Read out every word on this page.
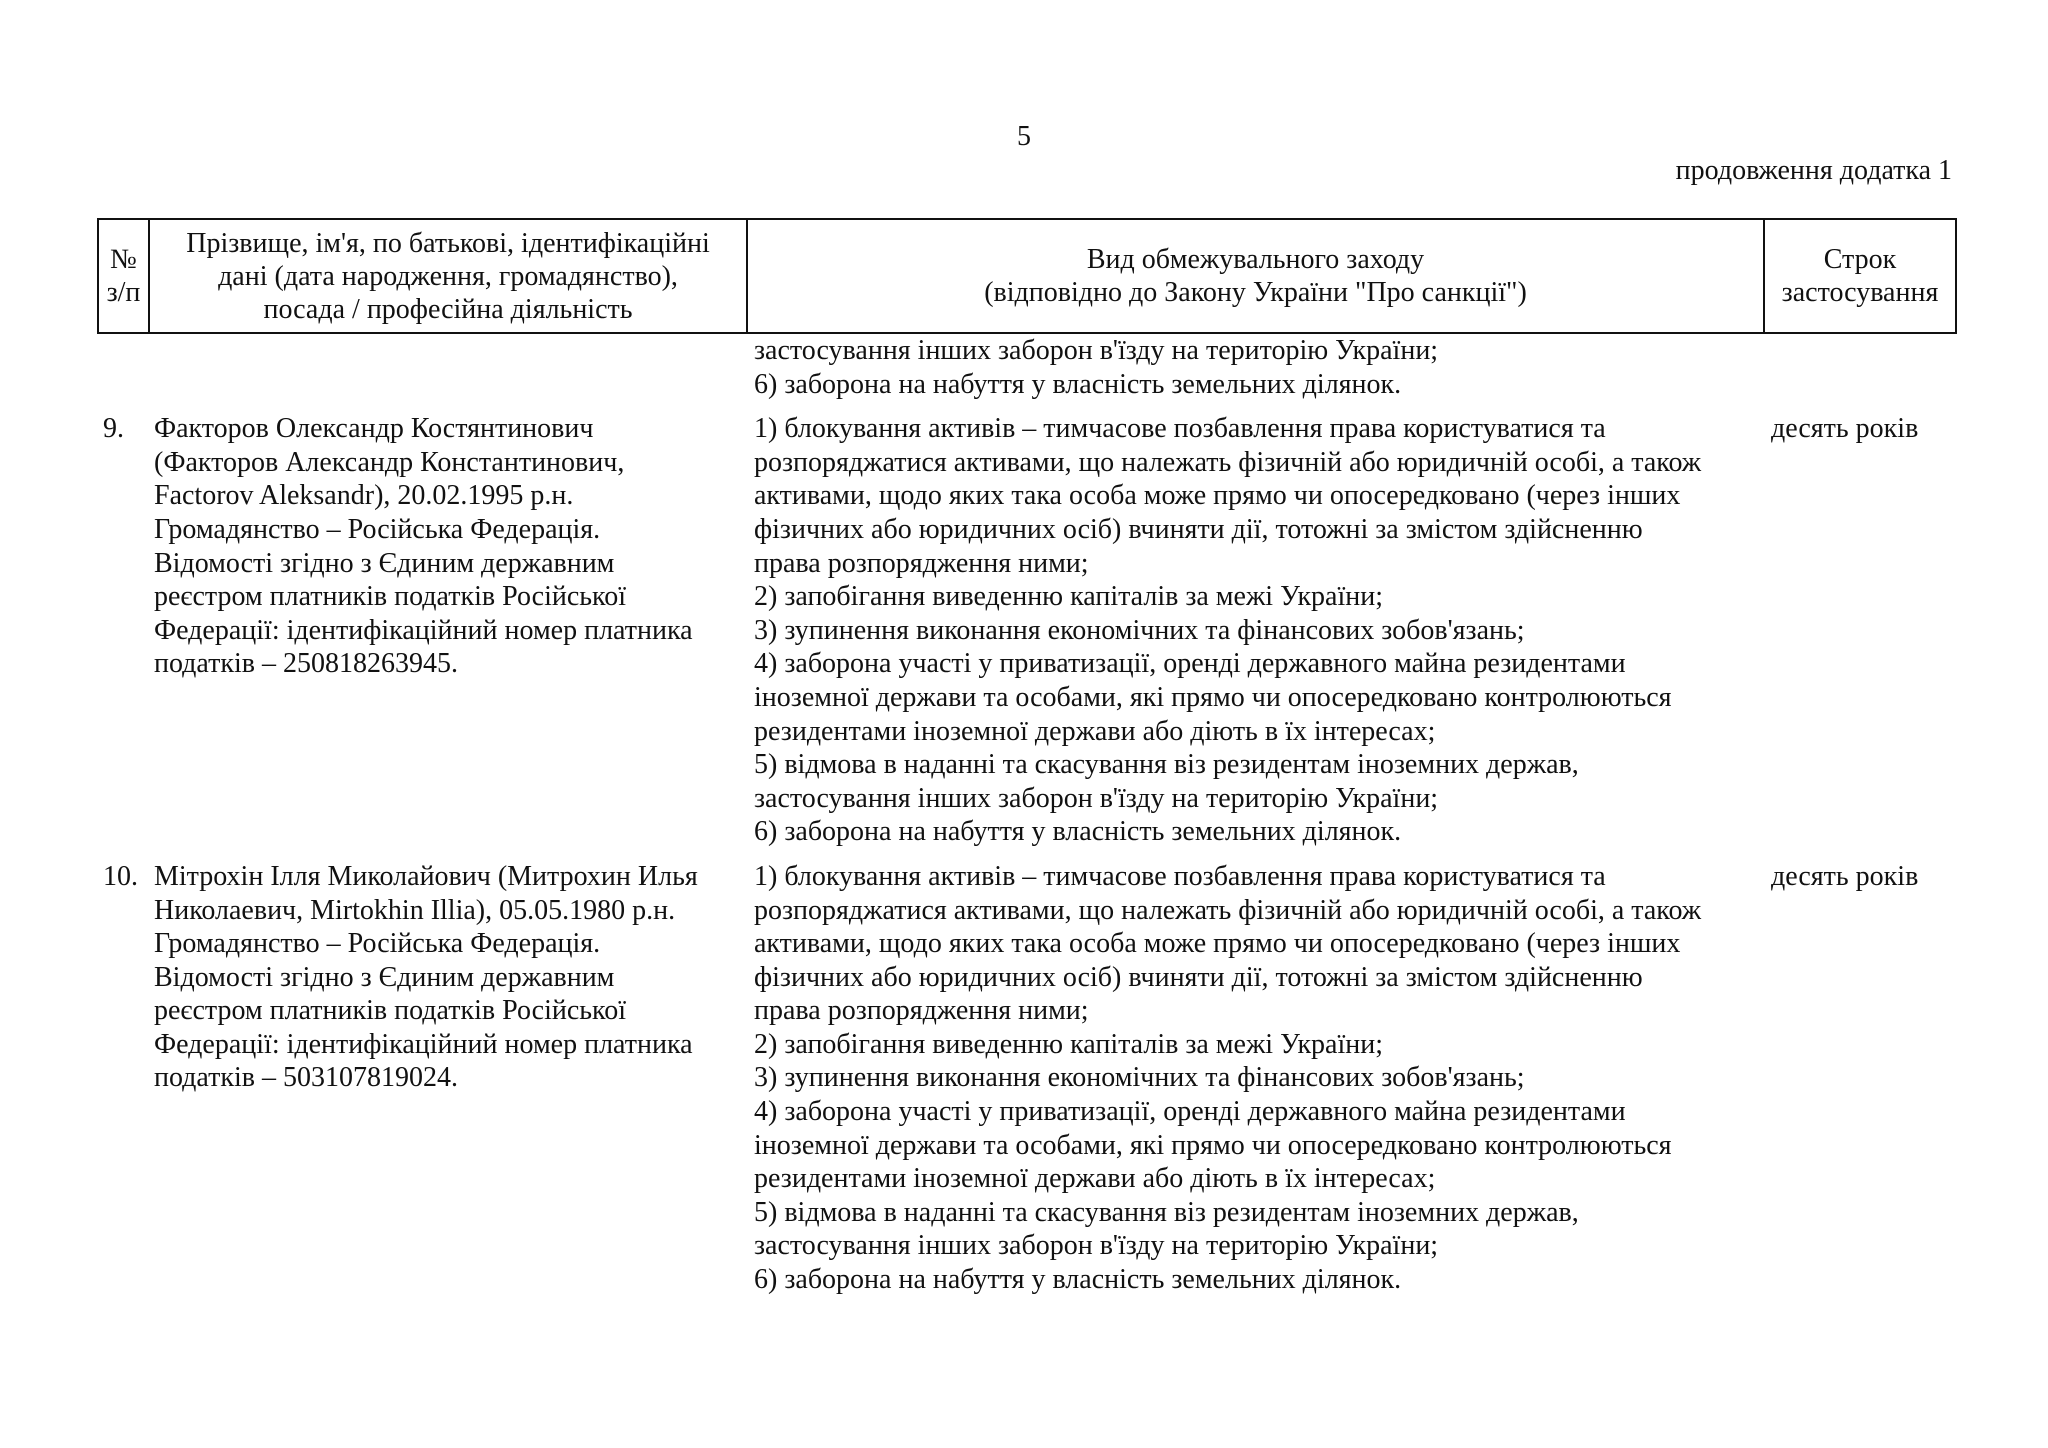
5
продовження додатка 1
№
з/п
Прізвище, ім'я, по батькові, ідентифікаційні
дані (дата народження, громадянство),
посада / професійна діяльність
Вид обмежувального заходу
(відповідно до Закону України "Про санкції")
Строк
застосування
застосування інших заборон в'їзду на територію України;
6) заборона на набуття у власність земельних ділянок.
9.	Факторов Олександр Костянтинович
(Факторов Александр Константинович,
Factorov Aleksandr), 20.02.1995 р.н.
Громадянство – Російська Федерація.
Відомості згідно з Єдиним державним
реєстром платників податків Російської
Федерації: ідентифікаційний номер платника
податків – 250818263945.
1) блокування активів – тимчасове позбавлення права користуватися та
розпоряджатися активами, що належать фізичній або юридичній особі, а також
активами, щодо яких така особа може прямо чи опосередковано (через інших
фізичних або юридичних осіб) вчиняти дії, тотожні за змістом здійсненню
права розпорядження ними;
2) запобігання виведенню капіталів за межі України;
3) зупинення виконання економічних та фінансових зобов'язань;
4) заборона участі у приватизації, оренді державного майна резидентами
іноземної держави та особами, які прямо чи опосередковано контролюються
резидентами іноземної держави або діють в їх інтересах;
5) відмова в наданні та скасування віз резидентам іноземних держав,
застосування інших заборон в'їзду на територію України;
6) заборона на набуття у власність земельних ділянок.
десять років
10. Мітрохін Ілля Миколайович (Митрохин Илья
Николаевич, Mirtokhin Illia), 05.05.1980 р.н.
Громадянство – Російська Федерація.
Відомості згідно з Єдиним державним
реєстром платників податків Російської
Федерації: ідентифікаційний номер платника
податків – 503107819024.
1) блокування активів – тимчасове позбавлення права користуватися та
розпоряджатися активами, що належать фізичній або юридичній особі, а також
активами, щодо яких така особа може прямо чи опосередковано (через інших
фізичних або юридичних осіб) вчиняти дії, тотожні за змістом здійсненню
права розпорядження ними;
2) запобігання виведенню капіталів за межі України;
3) зупинення виконання економічних та фінансових зобов'язань;
4) заборона участі у приватизації, оренді державного майна резидентами
іноземної держави та особами, які прямо чи опосередковано контролюються
резидентами іноземної держави або діють в їх інтересах;
5) відмова в наданні та скасування віз резидентам іноземних держав,
застосування інших заборон в'їзду на територію України;
6) заборона на набуття у власність земельних ділянок.
десять років
